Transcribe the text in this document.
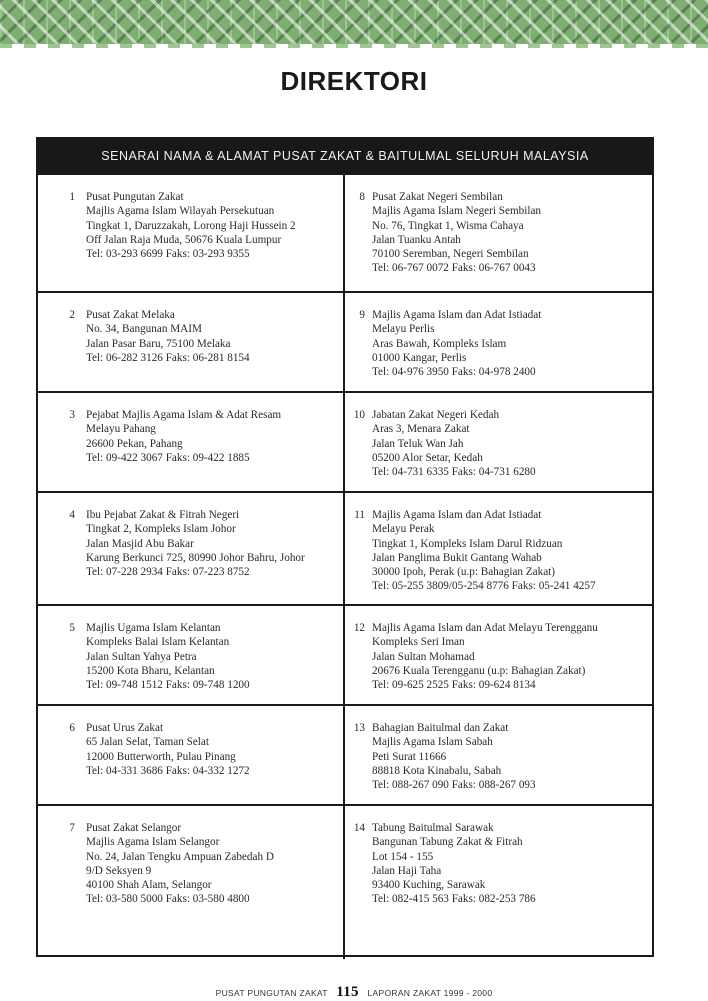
DIREKTORI
SENARAI NAMA & ALAMAT PUSAT ZAKAT & BAITULMAL SELURUH MALAYSIA
1 Pusat Pungutan Zakat
Majlis Agama Islam Wilayah Persekutuan
Tingkat 1, Daruzzakah, Lorong Haji Hussein 2
Off Jalan Raja Muda, 50676 Kuala Lumpur
Tel: 03-293 6699 Faks: 03-293 9355
8 Pusat Zakat Negeri Sembilan
Majlis Agama Islam Negeri Sembilan
No. 76, Tingkat 1, Wisma Cahaya
Jalan Tuanku Antah
70100 Seremban, Negeri Sembilan
Tel: 06-767 0072 Faks: 06-767 0043
2 Pusat Zakat Melaka
No. 34, Bangunan MAIM
Jalan Pasar Baru, 75100 Melaka
Tel: 06-282 3126 Faks: 06-281 8154
9 Majlis Agama Islam dan Adat Istiadat
Melayu Perlis
Aras Bawah, Kompleks Islam
01000 Kangar, Perlis
Tel: 04-976 3950 Faks: 04-978 2400
3 Pejabat Majlis Agama Islam & Adat Resam
Melayu Pahang
26600 Pekan, Pahang
Tel: 09-422 3067 Faks: 09-422 1885
10 Jabatan Zakat Negeri Kedah
Aras 3, Menara Zakat
Jalan Teluk Wan Jah
05200 Alor Setar, Kedah
Tel: 04-731 6335 Faks: 04-731 6280
4 Ibu Pejabat Zakat & Fitrah Negeri
Tingkat 2, Kompleks Islam Johor
Jalan Masjid Abu Bakar
Karung Berkunci 725, 80990 Johor Bahru, Johor
Tel: 07-228 2934 Faks: 07-223 8752
11 Majlis Agama Islam dan Adat Istiadat
Melayu Perak
Tingkat 1, Kompleks Islam Darul Ridzuan
Jalan Panglima Bukit Gantang Wahab
30000 Ipoh, Perak (u.p: Bahagian Zakat)
Tel: 05-255 3809/05-254 8776 Faks: 05-241 4257
5 Majlis Ugama Islam Kelantan
Kompleks Balai Islam Kelantan
Jalan Sultan Yahya Petra
15200 Kota Bharu, Kelantan
Tel: 09-748 1512 Faks: 09-748 1200
12 Majlis Agama Islam dan Adat Melayu Terengganu
Kompleks Seri Iman
Jalan Sultan Mohamad
20676 Kuala Terengganu (u.p: Bahagian Zakat)
Tel: 09-625 2525 Faks: 09-624 8134
6 Pusat Urus Zakat
65 Jalan Selat, Taman Selat
12000 Butterworth, Pulau Pinang
Tel: 04-331 3686 Faks: 04-332 1272
13 Bahagian Baitulmal dan Zakat
Majlis Agama Islam Sabah
Peti Surat 11666
88818 Kota Kinabalu, Sabah
Tel: 088-267 090 Faks: 088-267 093
7 Pusat Zakat Selangor
Majlis Agama Islam Selangor
No. 24, Jalan Tengku Ampuan Zabedah D
9/D Seksyen 9
40100 Shah Alam, Selangor
Tel: 03-580 5000 Faks: 03-580 4800
14 Tabung Baitulmal Sarawak
Bangunan Tabung Zakat & Fitrah
Lot 154 - 155
Jalan Haji Taha
93400 Kuching, Sarawak
Tel: 082-415 563 Faks: 082-253 786
PUSAT PUNGUTAN ZAKAT 115 LAPORAN ZAKAT 1999 - 2000
